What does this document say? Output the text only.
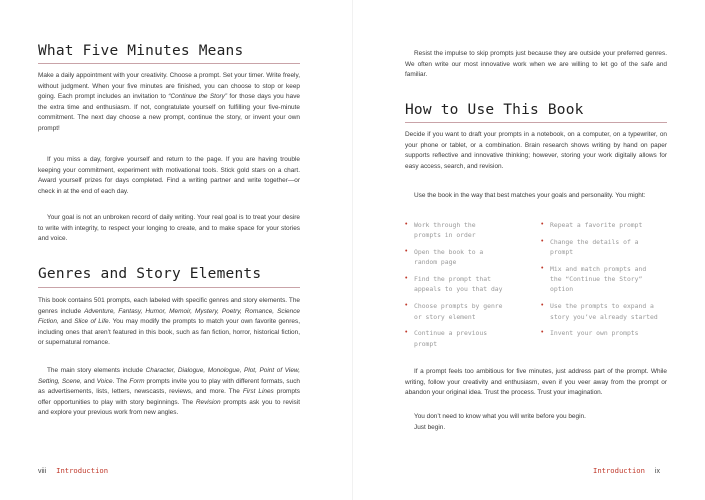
What Five Minutes Means

Make a daily appointment with your creativity. Choose a prompt. Set your timer. Write freely, without judgment. When your five minutes are finished, you can choose to stop or keep going. Each prompt includes an invitation to “Continue the Story” for those days you have the extra time and enthusiasm. If not, congratulate yourself on fulfilling your five-minute commitment. The next day choose a new prompt, continue the story, or invent your own prompt!

If you miss a day, forgive yourself and return to the page. If you are having trouble keeping your commitment, experiment with motivational tools. Stick gold stars on a chart. Award yourself prizes for days completed. Find a writing partner and write together—or check in at the end of each day.

Your goal is not an unbroken record of daily writing. Your real goal is to treat your desire to write with integrity, to respect your longing to create, and to make space for your stories and voice.

Genres and Story Elements

This book contains 501 prompts, each labeled with specific genres and story elements. The genres include Adventure, Fantasy, Humor, Memoir, Mystery, Poetry, Romance, Science Fiction, and Slice of Life. You may modify the prompts to match your own favorite genres, including ones that aren’t featured in this book, such as fan fiction, horror, historical fiction, or supernatural romance.

The main story elements include Character, Dialogue, Monologue, Plot, Point of View, Setting, Scene, and Voice. The Form prompts invite you to play with different formats, such as advertisements, lists, letters, newscasts, reviews, and more. The First Lines prompts offer opportunities to play with story beginnings. The Revision prompts ask you to revisit and explore your previous work from new angles.

viii Introduction

Resist the impulse to skip prompts just because they are outside your preferred genres. We often write our most innovative work when we are willing to let go of the safe and familiar.

How to Use This Book

Decide if you want to draft your prompts in a notebook, on a computer, on a typewriter, on your phone or tablet, or a combination. Brain research shows writing by hand on paper supports reflective and innovative thinking; however, storing your work digitally allows for easy access, search, and revision.

Use the book in the way that best matches your goals and personality. You might:

• Work through the prompts in order
• Open the book to a random page
• Find the prompt that appeals to you that day
• Choose prompts by genre or story element
• Continue a previous prompt
• Repeat a favorite prompt
• Change the details of a prompt
• Mix and match prompts and the “Continue the Story” option
• Use the prompts to expand a story you’ve already started
• Invent your own prompts

If a prompt feels too ambitious for five minutes, just address part of the prompt. While writing, follow your creativity and enthusiasm, even if you veer away from the prompt or abandon your original idea. Trust the process. Trust your imagination.

You don’t need to know what you will write before you begin.

Just begin.

Introduction ix
